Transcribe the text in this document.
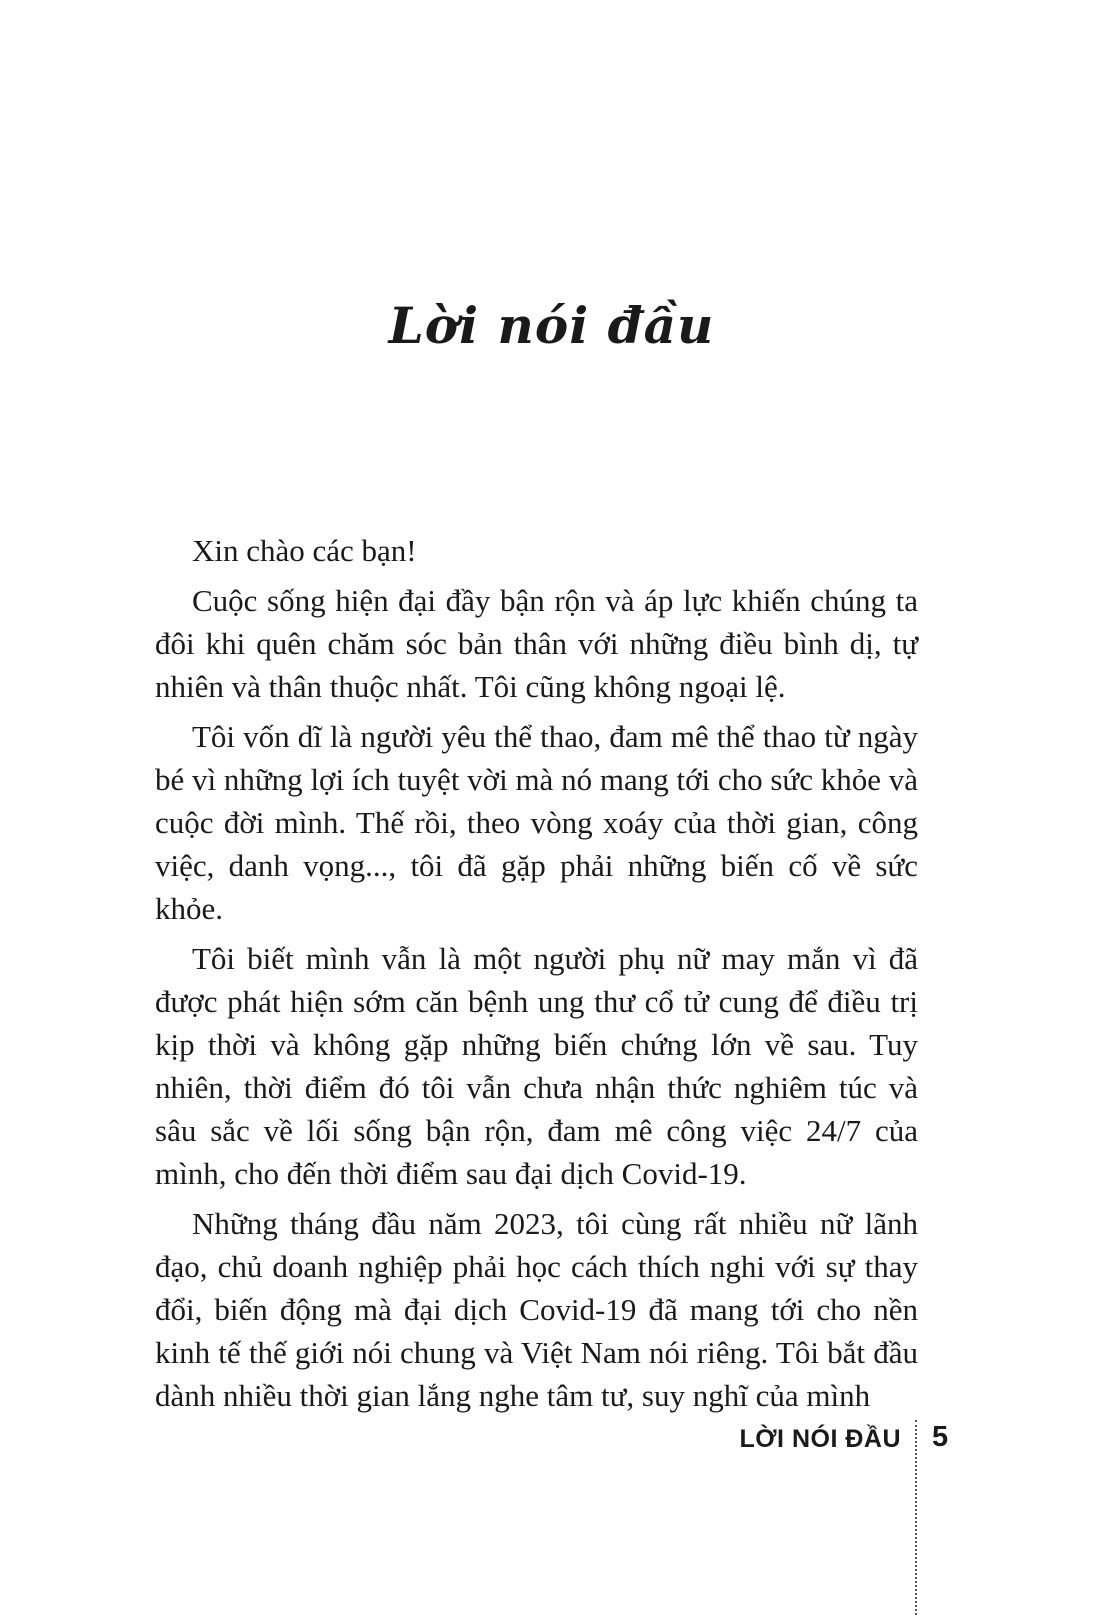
Lời nói đầu

Xin chào các bạn!

Cuộc sống hiện đại đầy bận rộn và áp lực khiến chúng ta đôi khi quên chăm sóc bản thân với những điều bình dị, tự nhiên và thân thuộc nhất. Tôi cũng không ngoại lệ.

Tôi vốn dĩ là người yêu thể thao, đam mê thể thao từ ngày bé vì những lợi ích tuyệt vời mà nó mang tới cho sức khỏe và cuộc đời mình. Thế rồi, theo vòng xoáy của thời gian, công việc, danh vọng..., tôi đã gặp phải những biến cố về sức khỏe.

Tôi biết mình vẫn là một người phụ nữ may mắn vì đã được phát hiện sớm căn bệnh ung thư cổ tử cung để điều trị kịp thời và không gặp những biến chứng lớn về sau. Tuy nhiên, thời điểm đó tôi vẫn chưa nhận thức nghiêm túc và sâu sắc về lối sống bận rộn, đam mê công việc 24/7 của mình, cho đến thời điểm sau đại dịch Covid-19.

Những tháng đầu năm 2023, tôi cùng rất nhiều nữ lãnh đạo, chủ doanh nghiệp phải học cách thích nghi với sự thay đổi, biến động mà đại dịch Covid-19 đã mang tới cho nền kinh tế thế giới nói chung và Việt Nam nói riêng. Tôi bắt đầu dành nhiều thời gian lắng nghe tâm tư, suy nghĩ của mình

LỜI NÓI ĐẦU 5
